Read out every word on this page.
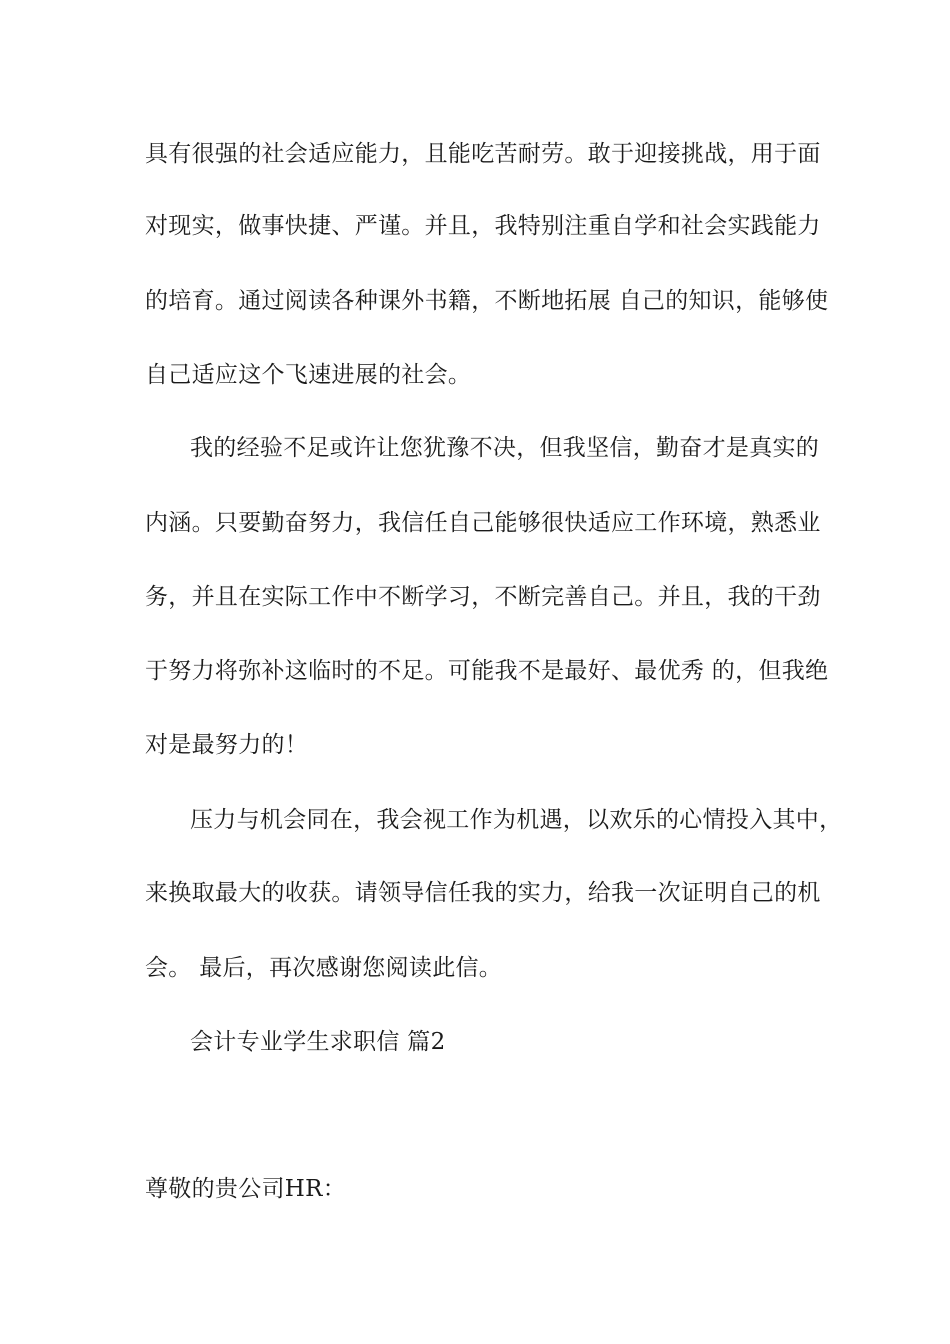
具有很强的社会适应能力，且能吃苦耐劳。敢于迎接挑战，用于面
对现实，做事快捷、严谨。并且，我特别注重自学和社会实践能力
的培育。通过阅读各种课外书籍，不断地拓展 自己的知识，能够使
自己适应这个飞速进展的社会。
我的经验不足或许让您犹豫不决，但我坚信，勤奋才是真实的
内涵。只要勤奋努力，我信任自己能够很快适应工作环境，熟悉业
务，并且在实际工作中不断学习，不断完善自己。并且，我的干劲
于努力将弥补这临时的不足。可能我不是最好、最优秀 的，但我绝
对是最努力的！
压力与机会同在，我会视工作为机遇，以欢乐的心情投入其中，
来换取最大的收获。请领导信任我的实力，给我一次证明自己的机
会。 最后，再次感谢您阅读此信。
会计专业学生求职信 篇2
尊敬的贵公司HR：
